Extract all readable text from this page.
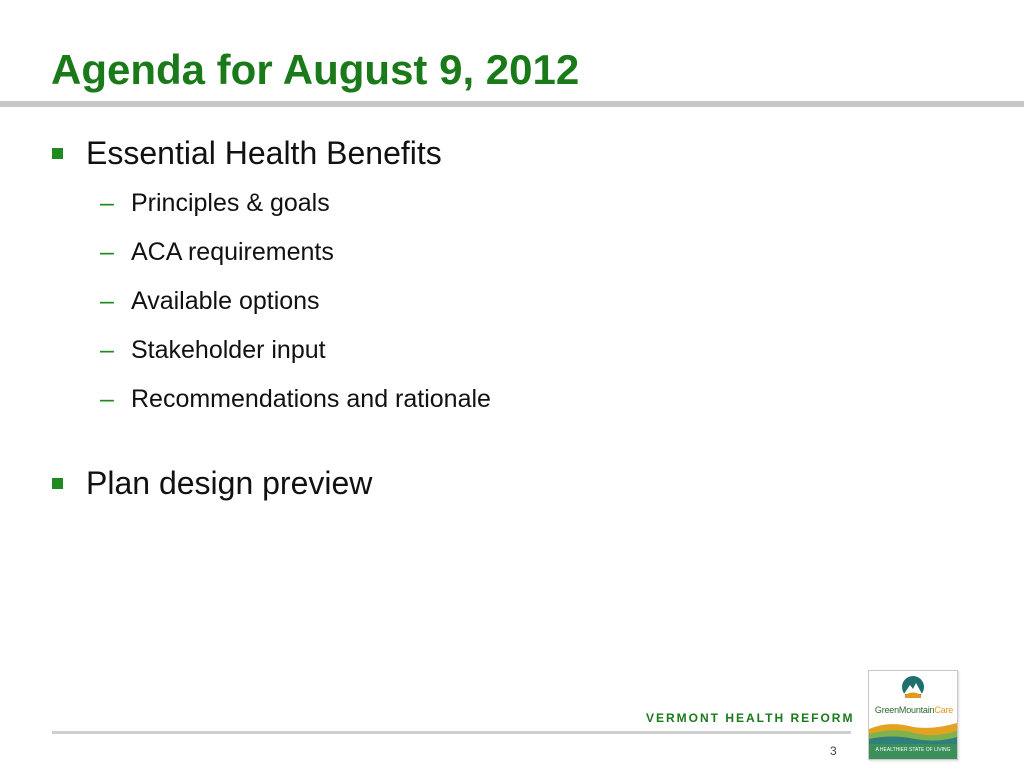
Agenda for August 9, 2012
Essential Health Benefits
– Principles & goals
– ACA requirements
– Available options
– Stakeholder input
– Recommendations and rationale
Plan design preview
VERMONT HEALTH REFORM
3
GreenMountainCare
A HEALTHIER STATE OF LIVING
